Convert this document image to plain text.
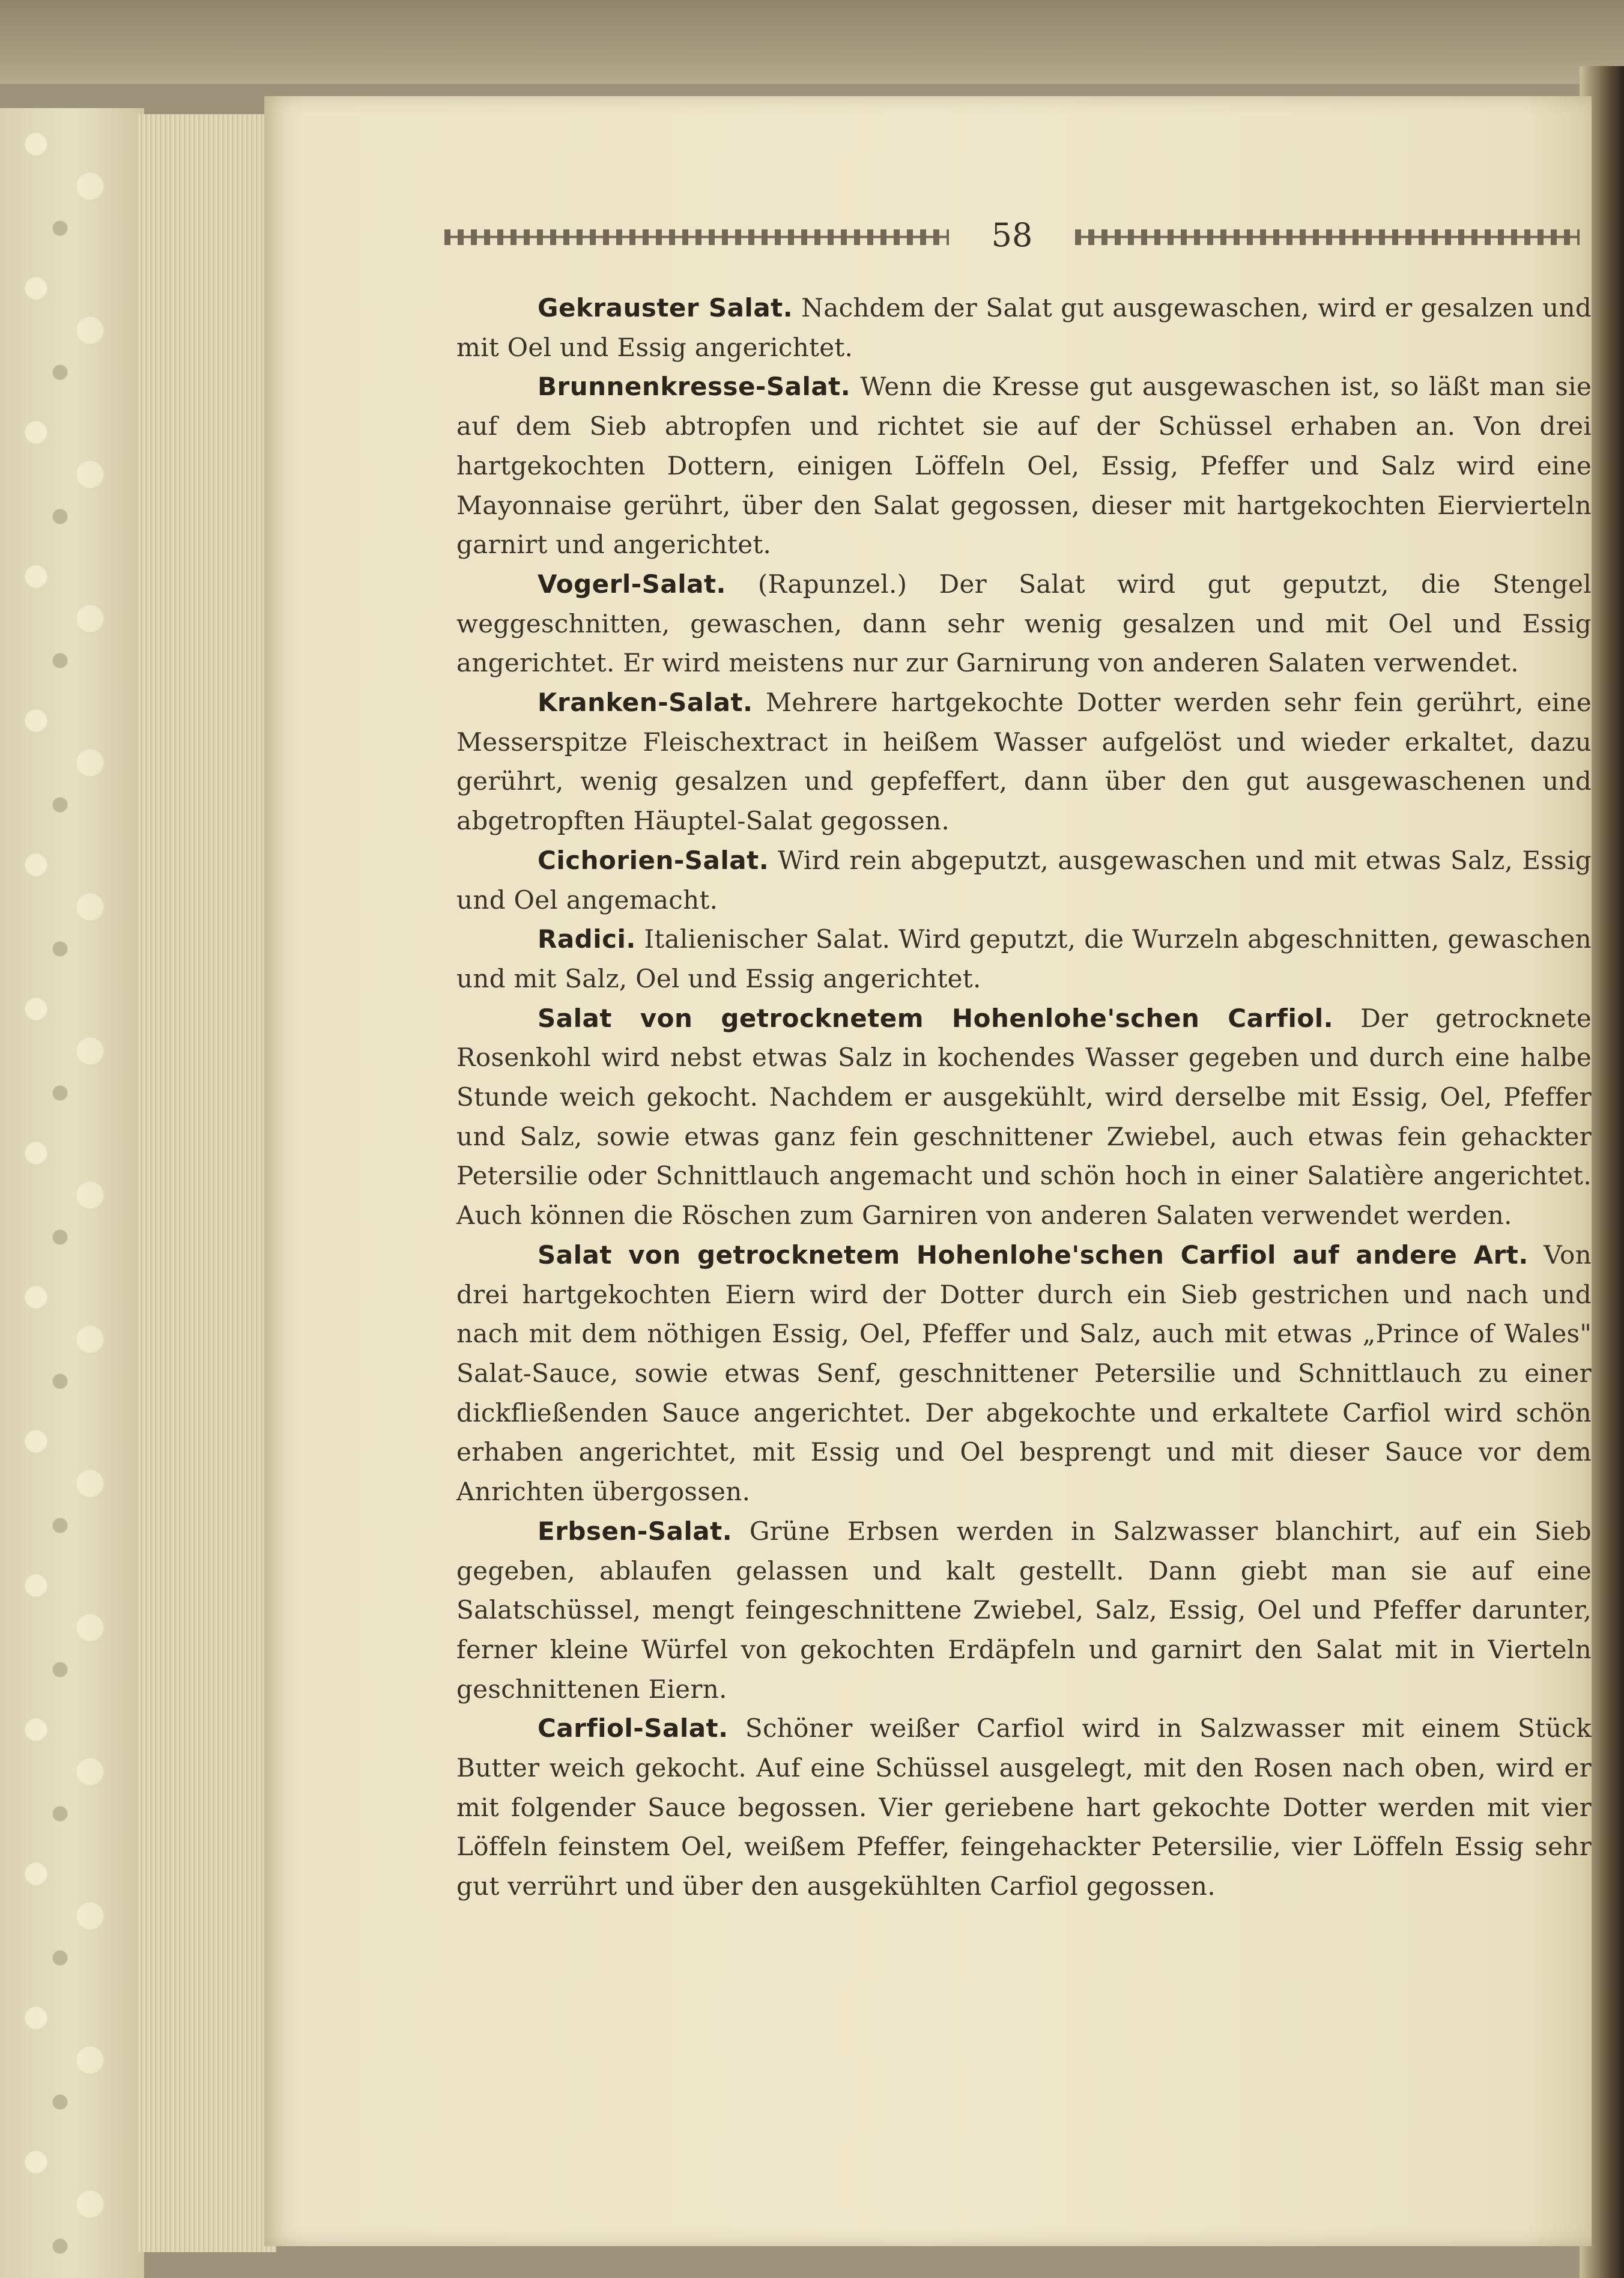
58

Gekrauster Salat. Nachdem der Salat gut ausgewaschen, wird er gesalzen und mit Oel und Essig angerichtet.

Brunnenkresse-Salat. Wenn die Kresse gut ausgewaschen ist, so läßt man sie auf dem Sieb abtropfen und richtet sie auf der Schüssel erhaben an. Von drei hartgekochten Dottern, einigen Löffeln Oel, Essig, Pfeffer und Salz wird eine Mayonnaise gerührt, über den Salat gegossen, dieser mit hartgekochten Eiervierteln garnirt und angerichtet.

Vogerl-Salat. (Rapunzel.) Der Salat wird gut geputzt, die Stengel weggeschnitten, gewaschen, dann sehr wenig gesalzen und mit Oel und Essig angerichtet. Er wird meistens nur zur Garnirung von anderen Salaten verwendet.

Kranken-Salat. Mehrere hartgekochte Dotter werden sehr fein gerührt, eine Messerspitze Fleischextract in heißem Wasser aufgelöst und wieder erkaltet, dazu gerührt, wenig gesalzen und gepfeffert, dann über den gut ausgewaschenen und abgetropften Häuptel-Salat gegossen.

Cichorien-Salat. Wird rein abgeputzt, ausgewaschen und mit etwas Salz, Essig und Oel angemacht.

Radici. Italienischer Salat. Wird geputzt, die Wurzeln abgeschnitten, gewaschen und mit Salz, Oel und Essig angerichtet.

Salat von getrocknetem Hohenlohe'schen Carfiol. Der getrocknete Rosenkohl wird nebst etwas Salz in kochendes Wasser gegeben und durch eine halbe Stunde weich gekocht. Nachdem er ausgekühlt, wird derselbe mit Essig, Oel, Pfeffer und Salz, sowie etwas ganz fein geschnittener Zwiebel, auch etwas fein gehackter Petersilie oder Schnittlauch angemacht und schön hoch in einer Salatière angerichtet. Auch können die Röschen zum Garniren von anderen Salaten verwendet werden.

Salat von getrocknetem Hohenlohe'schen Carfiol auf andere Art. Von drei hartgekochten Eiern wird der Dotter durch ein Sieb gestrichen und nach und nach mit dem nöthigen Essig, Oel, Pfeffer und Salz, auch mit etwas „Prince of Wales" Salat-Sauce, sowie etwas Senf, geschnittener Petersilie und Schnittlauch zu einer dickfließenden Sauce angerichtet. Der abgekochte und erkaltete Carfiol wird schön erhaben angerichtet, mit Essig und Oel besprengt und mit dieser Sauce vor dem Anrichten übergossen.

Erbsen-Salat. Grüne Erbsen werden in Salzwasser blanchirt, auf ein Sieb gegeben, ablaufen gelassen und kalt gestellt. Dann giebt man sie auf eine Salatschüssel, mengt feingeschnittene Zwiebel, Salz, Essig, Oel und Pfeffer darunter, ferner kleine Würfel von gekochten Erdäpfeln und garnirt den Salat mit in Vierteln geschnittenen Eiern.

Carfiol-Salat. Schöner weißer Carfiol wird in Salzwasser mit einem Stück Butter weich gekocht. Auf eine Schüssel ausgelegt, mit den Rosen nach oben, wird er mit folgender Sauce begossen. Vier geriebene hart gekochte Dotter werden mit vier Löffeln feinstem Oel, weißem Pfeffer, feingehackter Petersilie, vier Löffeln Essig sehr gut verrührt und über den ausgekühlten Carfiol gegossen.
